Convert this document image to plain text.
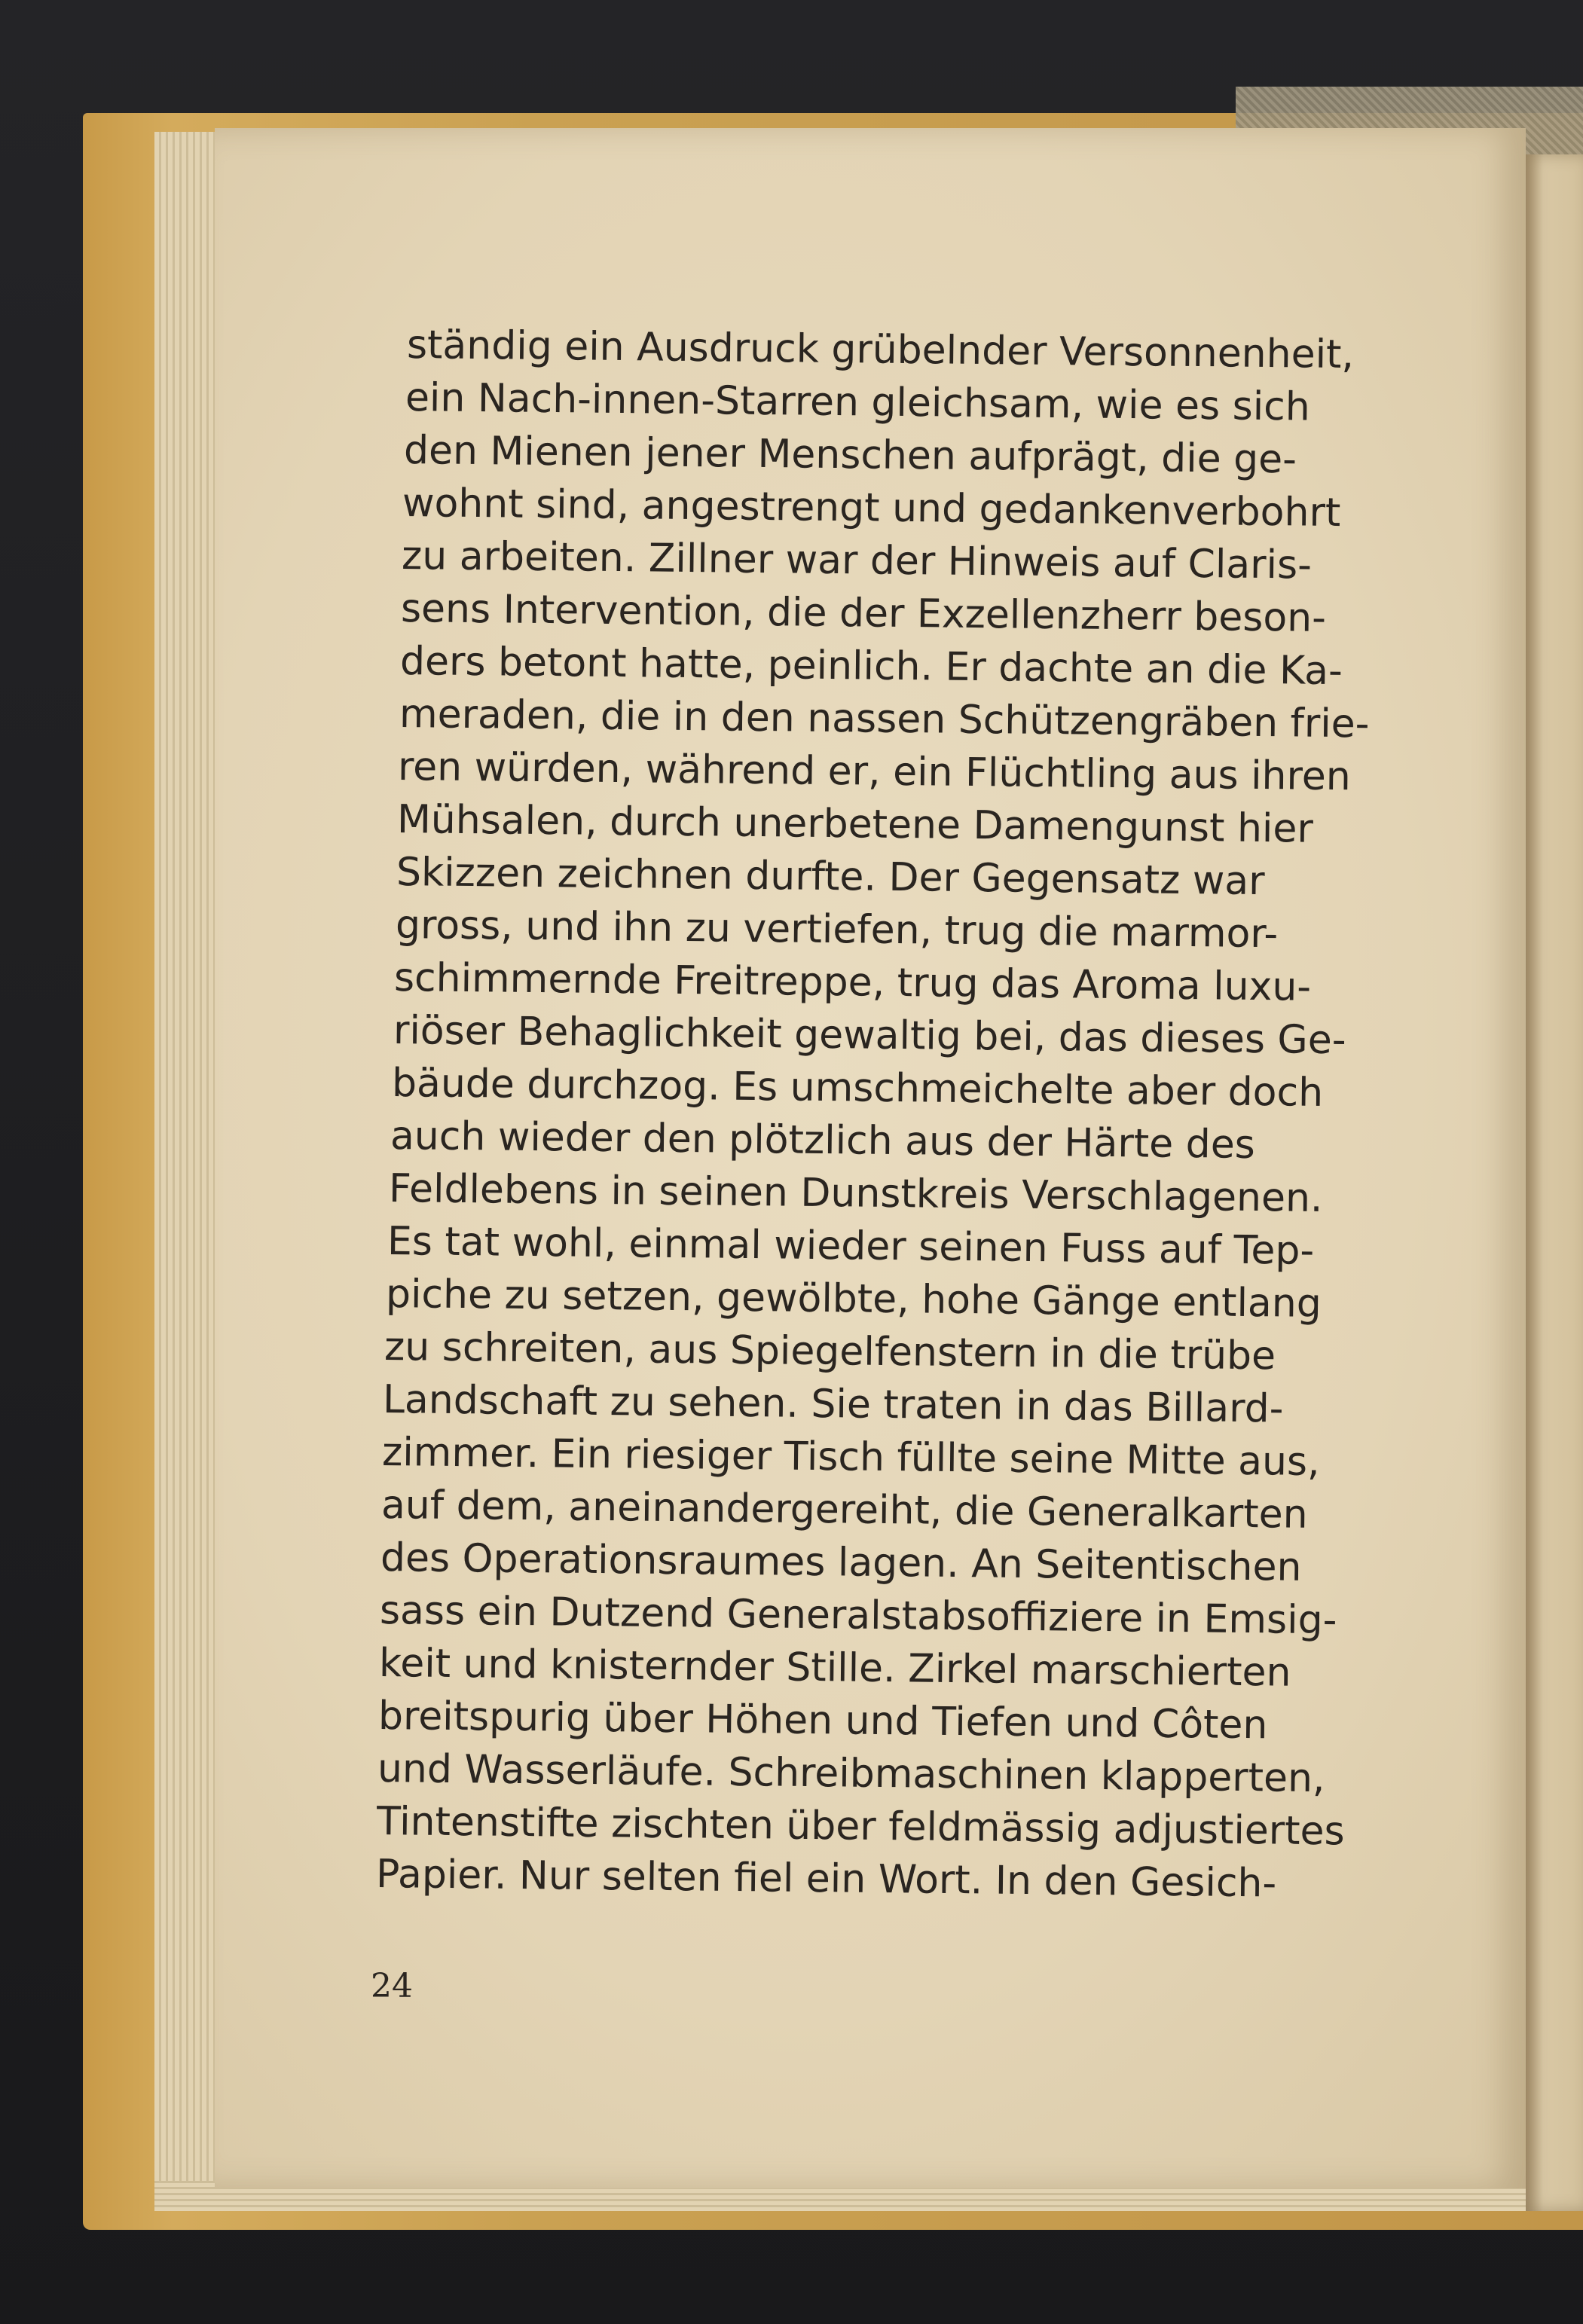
ständig ein Ausdruck grübelnder Versonnenheit,
ein Nach-innen-Starren gleichsam, wie es sich
den Mienen jener Menschen aufprägt, die ge-
wohnt sind, angestrengt und gedankenverbohrt
zu arbeiten. Zillner war der Hinweis auf Claris-
sens Intervention, die der Exzellenzherr beson-
ders betont hatte, peinlich. Er dachte an die Ka-
meraden, die in den nassen Schützengräben frie-
ren würden, während er, ein Flüchtling aus ihren
Mühsalen, durch unerbetene Damengunst hier
Skizzen zeichnen durfte. Der Gegensatz war
gross, und ihn zu vertiefen, trug die marmor-
schimmernde Freitreppe, trug das Aroma luxu-
riöser Behaglichkeit gewaltig bei, das dieses Ge-
bäude durchzog. Es umschmeichelte aber doch
auch wieder den plötzlich aus der Härte des
Feldlebens in seinen Dunstkreis Verschlagenen.
Es tat wohl, einmal wieder seinen Fuss auf Tep-
piche zu setzen, gewölbte, hohe Gänge entlang
zu schreiten, aus Spiegelfenstern in die trübe
Landschaft zu sehen. Sie traten in das Billard-
zimmer. Ein riesiger Tisch füllte seine Mitte aus,
auf dem, aneinandergereiht, die Generalkarten
des Operationsraumes lagen. An Seitentischen
sass ein Dutzend Generalstabsoffiziere in Emsig-
keit und knisternder Stille. Zirkel marschierten
breitspurig über Höhen und Tiefen und Côten
und Wasserläufe. Schreibmaschinen klapperten,
Tintenstifte zischten über feldmässig adjustiertes
Papier. Nur selten fiel ein Wort. In den Gesich-
24
